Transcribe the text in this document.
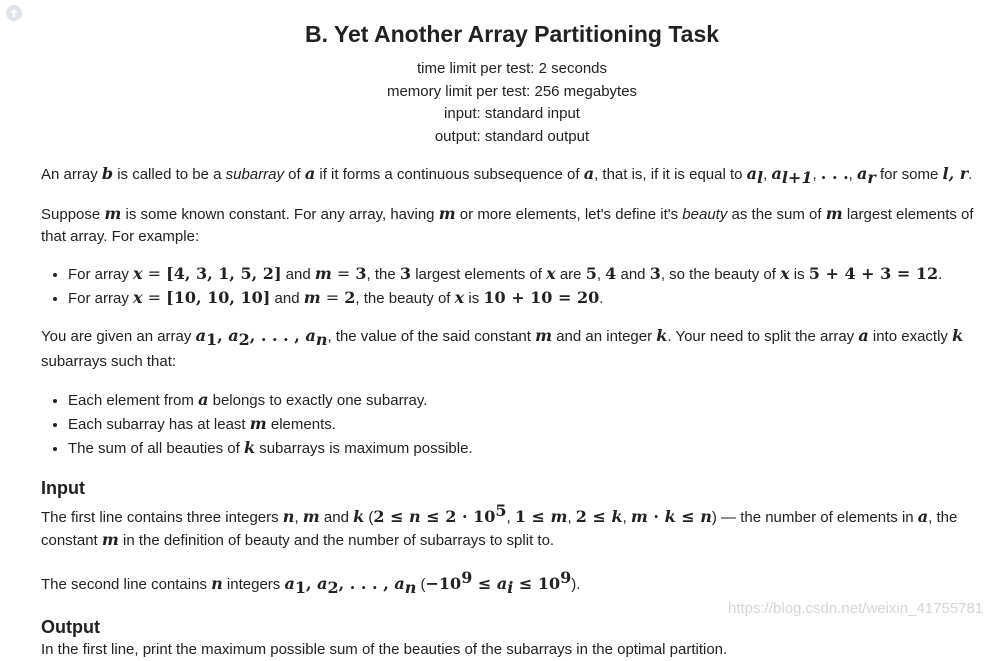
B. Yet Another Array Partitioning Task
time limit per test: 2 seconds
memory limit per test: 256 megabytes
input: standard input
output: standard output

An array b is called to be a subarray of a if it forms a continuous subsequence of a, that is, if it is equal to $a_l$, $a_{l+1}$, . . ., $a_r$ for some l, r.

Suppose m is some known constant. For any array, having m or more elements, let's define it's beauty as the sum of m largest elements of that array. For example:

• For array x = [4, 3, 1, 5, 2] and m = 3, the 3 largest elements of x are 5, 4 and 3, so the beauty of x is 5 + 4 + 3 = 12.
• For array x = [10, 10, 10] and m = 2, the beauty of x is 10 + 10 = 20.

You are given an array $a_1$, $a_2$, . . . , $a_n$, the value of the said constant m and an integer k. Your need to split the array a into exactly k subarrays such that:

• Each element from a belongs to exactly one subarray.
• Each subarray has at least m elements.
• The sum of all beauties of k subarrays is maximum possible.
Input

The first line contains three integers n, m and k ($2 \le n \le 2 \cdot 10^5$, 1 ≤ m, 2 ≤ k, m · k ≤ n) — the number of elements in a, the constant m in the definition of beauty and the number of subarrays to split to.

The second line contains n integers $a_1$, $a_2$, . . . , $a_n$ $(-10^9 \le a_i \le 10^9)$.

Output

In the first line, print the maximum possible sum of the beauties of the subarrays in the optimal partition.

https://blog.csdn.net/weixin_41755781
